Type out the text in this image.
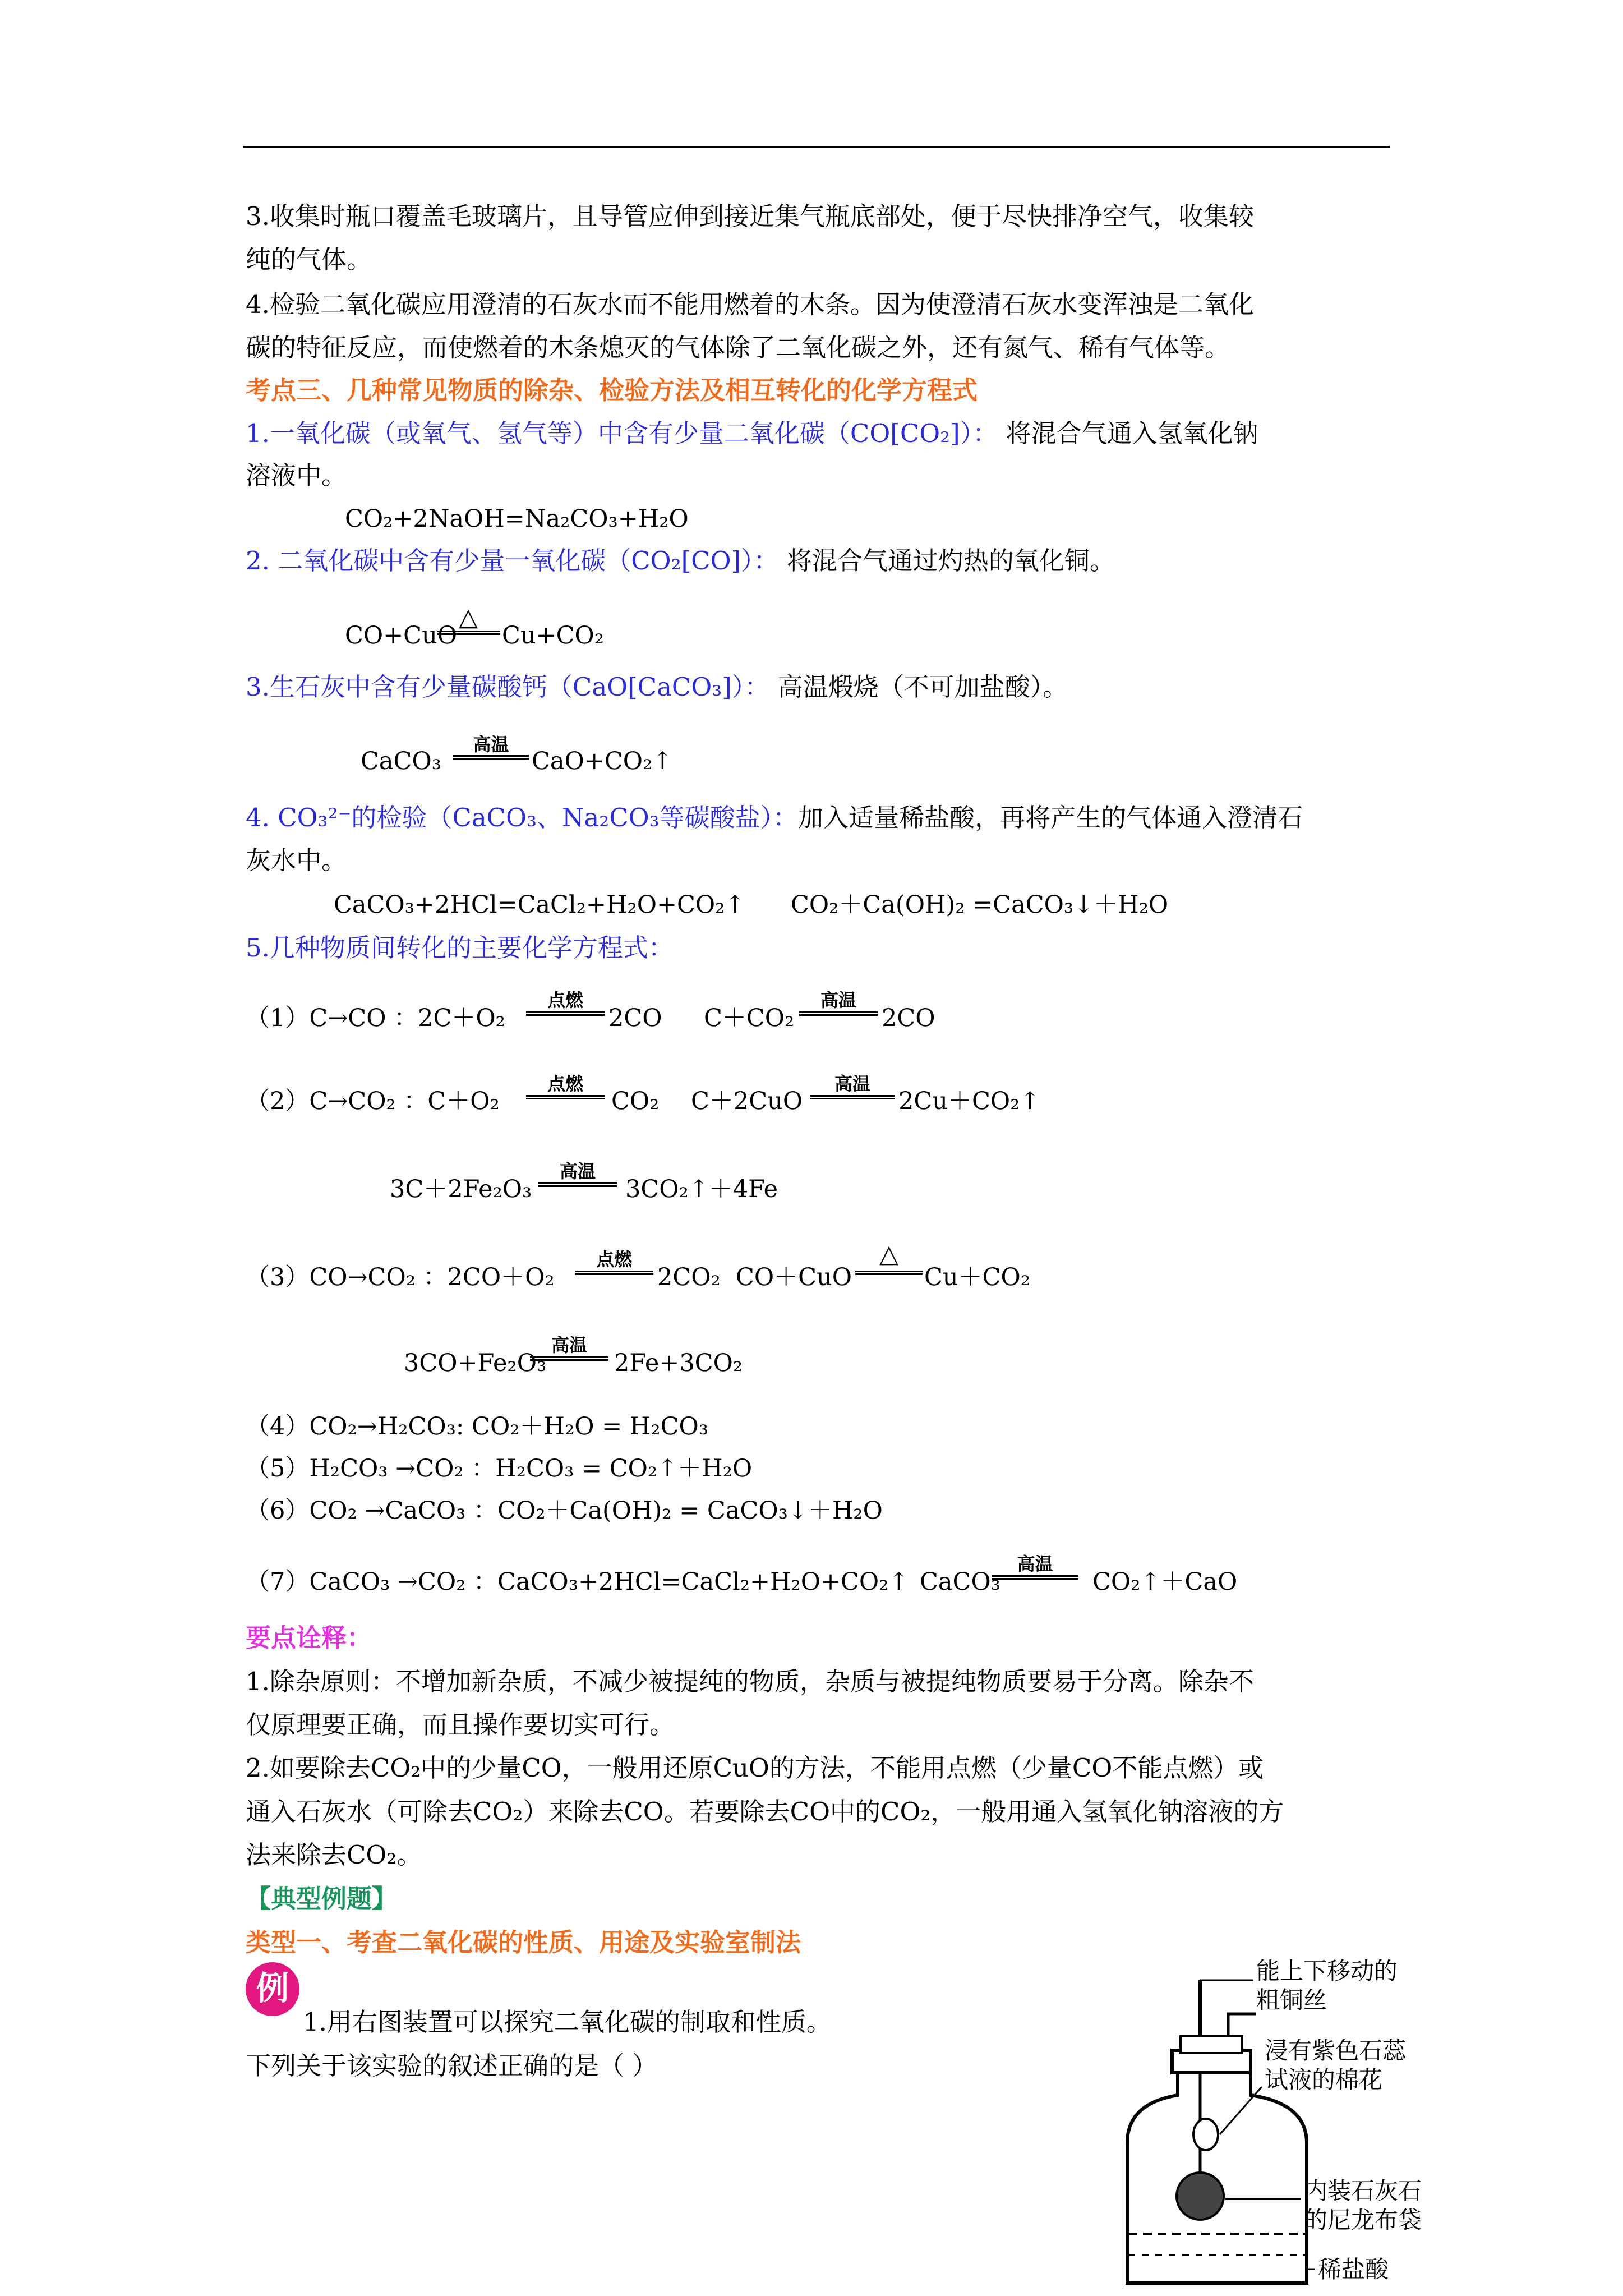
3.收集时瓶口覆盖毛玻璃片，且导管应伸到接近集气瓶底部处，便于尽快排净空气，收集较
纯的气体。
4.检验二氧化碳应用澄清的石灰水而不能用燃着的木条。因为使澄清石灰水变浑浊是二氧化
碳的特征反应，而使燃着的木条熄灭的气体除了二氧化碳之外，还有氮气、稀有气体等。
考点三、几种常见物质的除杂、检验方法及相互转化的化学方程式
1.一氧化碳（或氧气、氢气等）中含有少量二氧化碳（CO[CO₂]）： 将混合气通入氢氧化钠
溶液中。
CO₂+2NaOH=Na₂CO₃+H₂O
2. 二氧化碳中含有少量一氧化碳（CO₂[CO]）： 将混合气通过灼热的氧化铜。
CO+CuO
△
Cu+CO₂
3.生石灰中含有少量碳酸钙（CaO[CaCO₃]）： 高温煅烧（不可加盐酸）。
CaCO₃
高温
CaO+CO₂↑
4. CO₃²⁻的检验（CaCO₃、Na₂CO₃等碳酸盐）：加入适量稀盐酸，再将产生的气体通入澄清石
灰水中。
CaCO₃+2HCl=CaCl₂+H₂O+CO₂↑ CO₂＋Ca(OH)₂ =CaCO₃↓＋H₂O
5.几种物质间转化的主要化学方程式：
（1）C→CO ：2C＋O₂
点燃
2CO C＋CO₂
高温
2CO
（2）C→CO₂ ：C＋O₂
点燃
CO₂ C＋2CuO
高温
2Cu＋CO₂↑
3C＋2Fe₂O₃
高温
3CO₂↑＋4Fe
（3）CO→CO₂ ：2CO＋O₂
点燃
2CO₂ CO＋CuO
△
Cu＋CO₂
3CO+Fe₂O₃
高温
2Fe+3CO₂
（4）CO₂→H₂CO₃: CO₂＋H₂O = H₂CO₃
（5）H₂CO₃ →CO₂ ：H₂CO₃ = CO₂↑＋H₂O
（6）CO₂ →CaCO₃ ：CO₂＋Ca(OH)₂ = CaCO₃↓＋H₂O
（7）CaCO₃ →CO₂ ：CaCO₃+2HCl=CaCl₂+H₂O+CO₂↑ CaCO₃
高温
CO₂↑＋CaO
要点诠释：
1.除杂原则：不增加新杂质，不减少被提纯的物质，杂质与被提纯物质要易于分离。除杂不
仅原理要正确，而且操作要切实可行。
2.如要除去CO₂中的少量CO，一般用还原CuO的方法，不能用点燃（少量CO不能点燃）或
通入石灰水（可除去CO₂）来除去CO。若要除去CO中的CO₂，一般用通入氢氧化钠溶液的方
法来除去CO₂。
【典型例题】
类型一、考查二氧化碳的性质、用途及实验室制法
例
1.用右图装置可以探究二氧化碳的制取和性质。
下列关于该实验的叙述正确的是（ ）
能上下移动的
粗铜丝
浸有紫色石蕊
试液的棉花
内装石灰石
的尼龙布袋
稀盐酸
